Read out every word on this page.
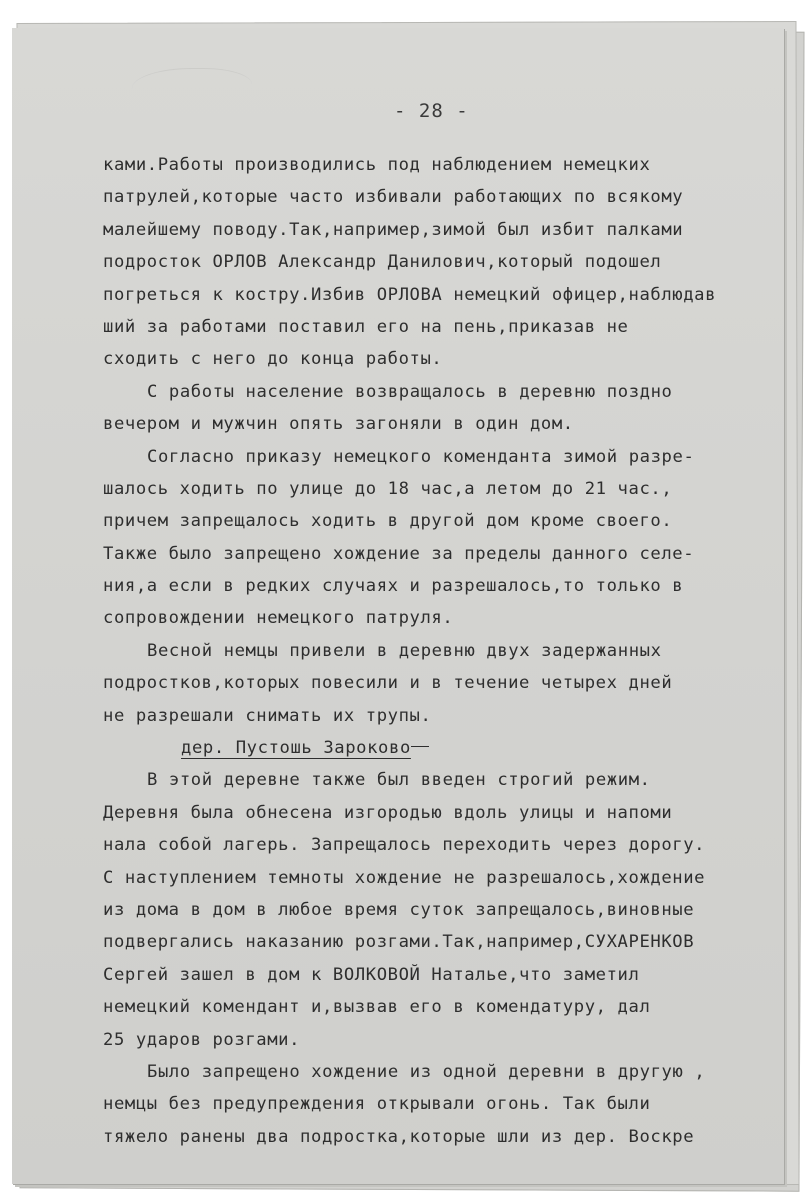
- 28 -
ками.Работы производились под наблюдением немецких
патрулей,которые часто избивали работающих по всякому
малейшему поводу.Так,например,зимой был избит палками
подросток ОРЛОВ Александр Данилович,который подошел
погреться к костру.Избив ОРЛОВА немецкий офицер,наблюдав
ший за работами поставил его на пень,приказав не
сходить с него до конца работы.
С работы население возвращалось в деревню поздно
вечером и мужчин опять загоняли в один дом.
Согласно приказу немецкого коменданта зимой разре-
шалось ходить по улице до 18 час,а летом до 21 час.,
причем запрещалось ходить в другой дом кроме своего.
Также было запрещено хождение за пределы данного селе-
ния,а если в редких случаях и разрешалось,то только в
сопровождении немецкого патруля.
Весной немцы привели в деревню двух задержанных
подростков,которых повесили и в течение четырех дней
не разрешали снимать их трупы.
дер. Пустошь Зароково
В этой деревне также был введен строгий режим.
Деревня была обнесена изгородью вдоль улицы и напоми
нала собой лагерь. Запрещалось переходить через дорогу.
С наступлением темноты хождение не разрешалось,хождение
из дома в дом в любое время суток запрещалось,виновные
подвергались наказанию розгами.Так,например,СУХАРЕНКОВ
Сергей зашел в дом к ВОЛКОВОЙ Наталье,что заметил
немецкий комендант и,вызвав его в комендатуру, дал
25 ударов розгами.
Было запрещено хождение из одной деревни в другую ,
немцы без предупреждения открывали огонь. Так были
тяжело ранены два подростка,которые шли из дер. Воскре
